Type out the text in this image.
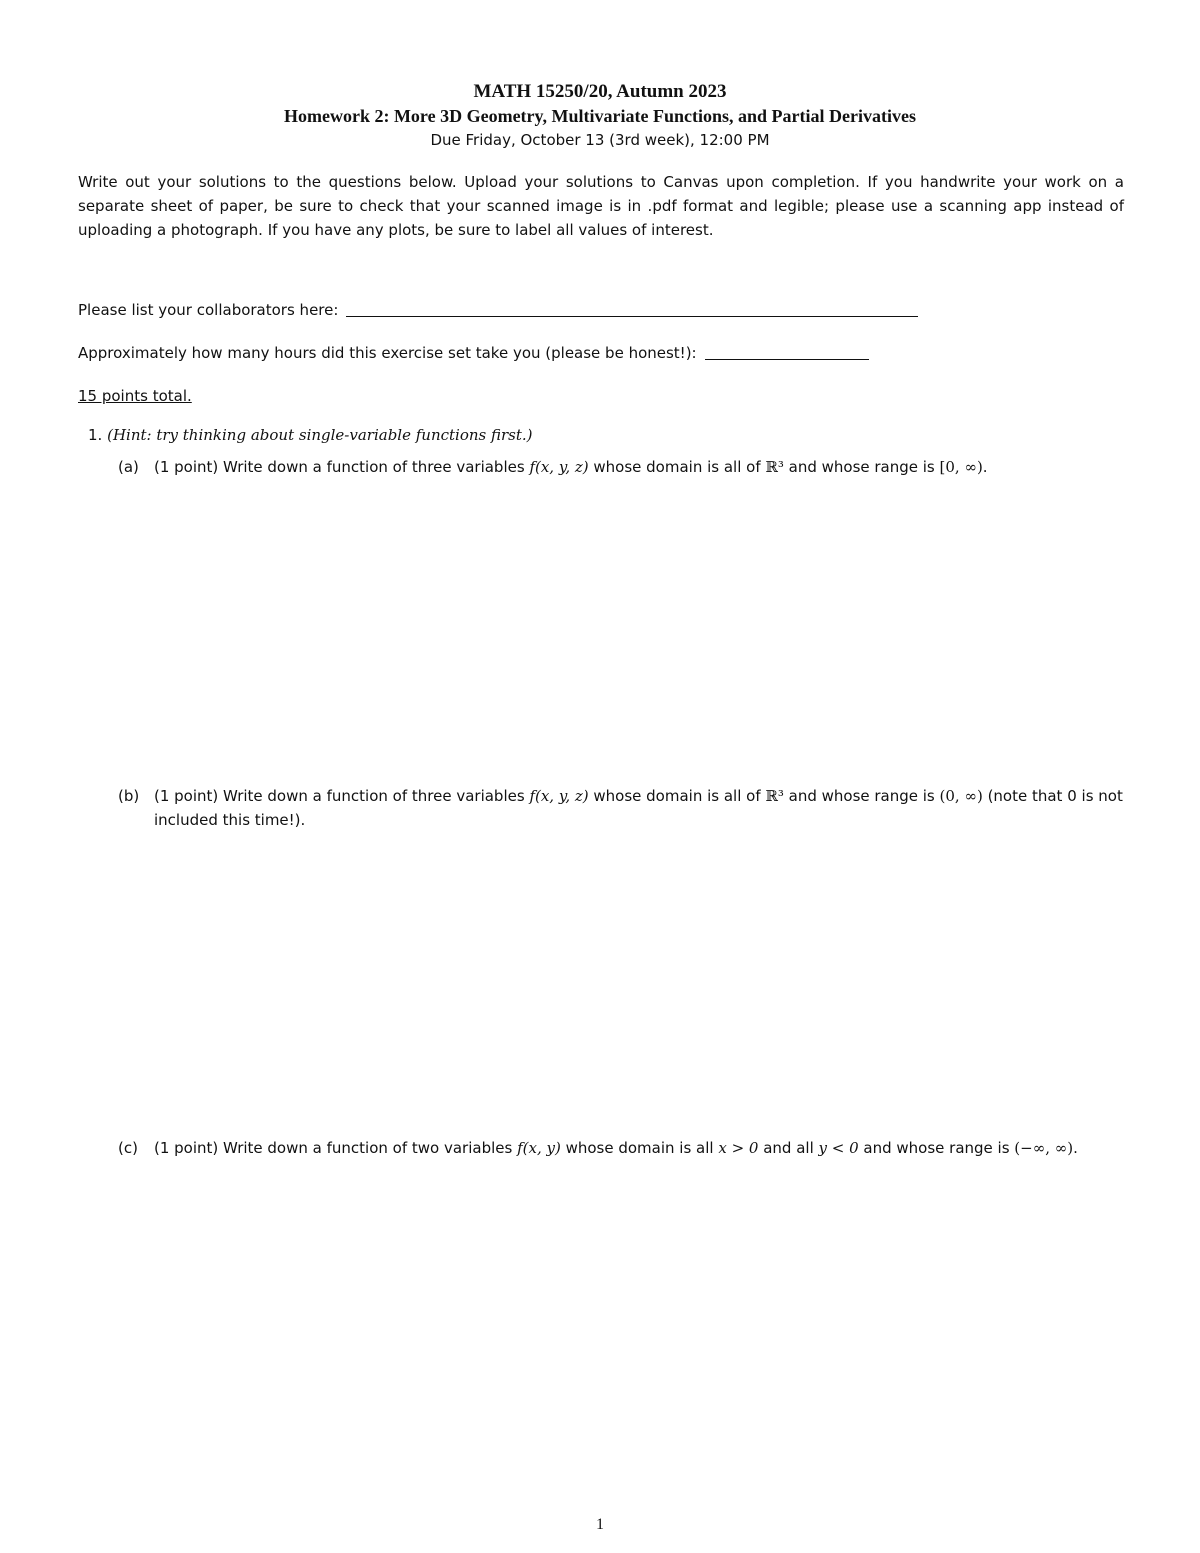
MATH 15250/20, Autumn 2023

Homework 2: More 3D Geometry, Multivariate Functions, and Partial Derivatives

Due Friday, October 13 (3rd week), 12:00 PM

Write out your solutions to the questions below. Upload your solutions to Canvas upon completion. If you handwrite your work on a separate sheet of paper, be sure to check that your scanned image is in .pdf format and legible; please use a scanning app instead of uploading a photograph. If you have any plots, be sure to label all values of interest.

Please list your collaborators here:
Approximately how many hours did this exercise set take you (please be honest!):
15 points total.
1. (Hint: try thinking about single-variable functions first.)
(a) (1 point) Write down a function of three variables f(x, y, z) whose domain is all of ℝ³ and whose range is [0, ∞).
(b) (1 point) Write down a function of three variables f(x, y, z) whose domain is all of ℝ³ and whose range is (0, ∞) (note that 0 is not included this time!).
(c) (1 point) Write down a function of two variables f(x, y) whose domain is all x > 0 and all y < 0 and whose range is (−∞, ∞).
1
